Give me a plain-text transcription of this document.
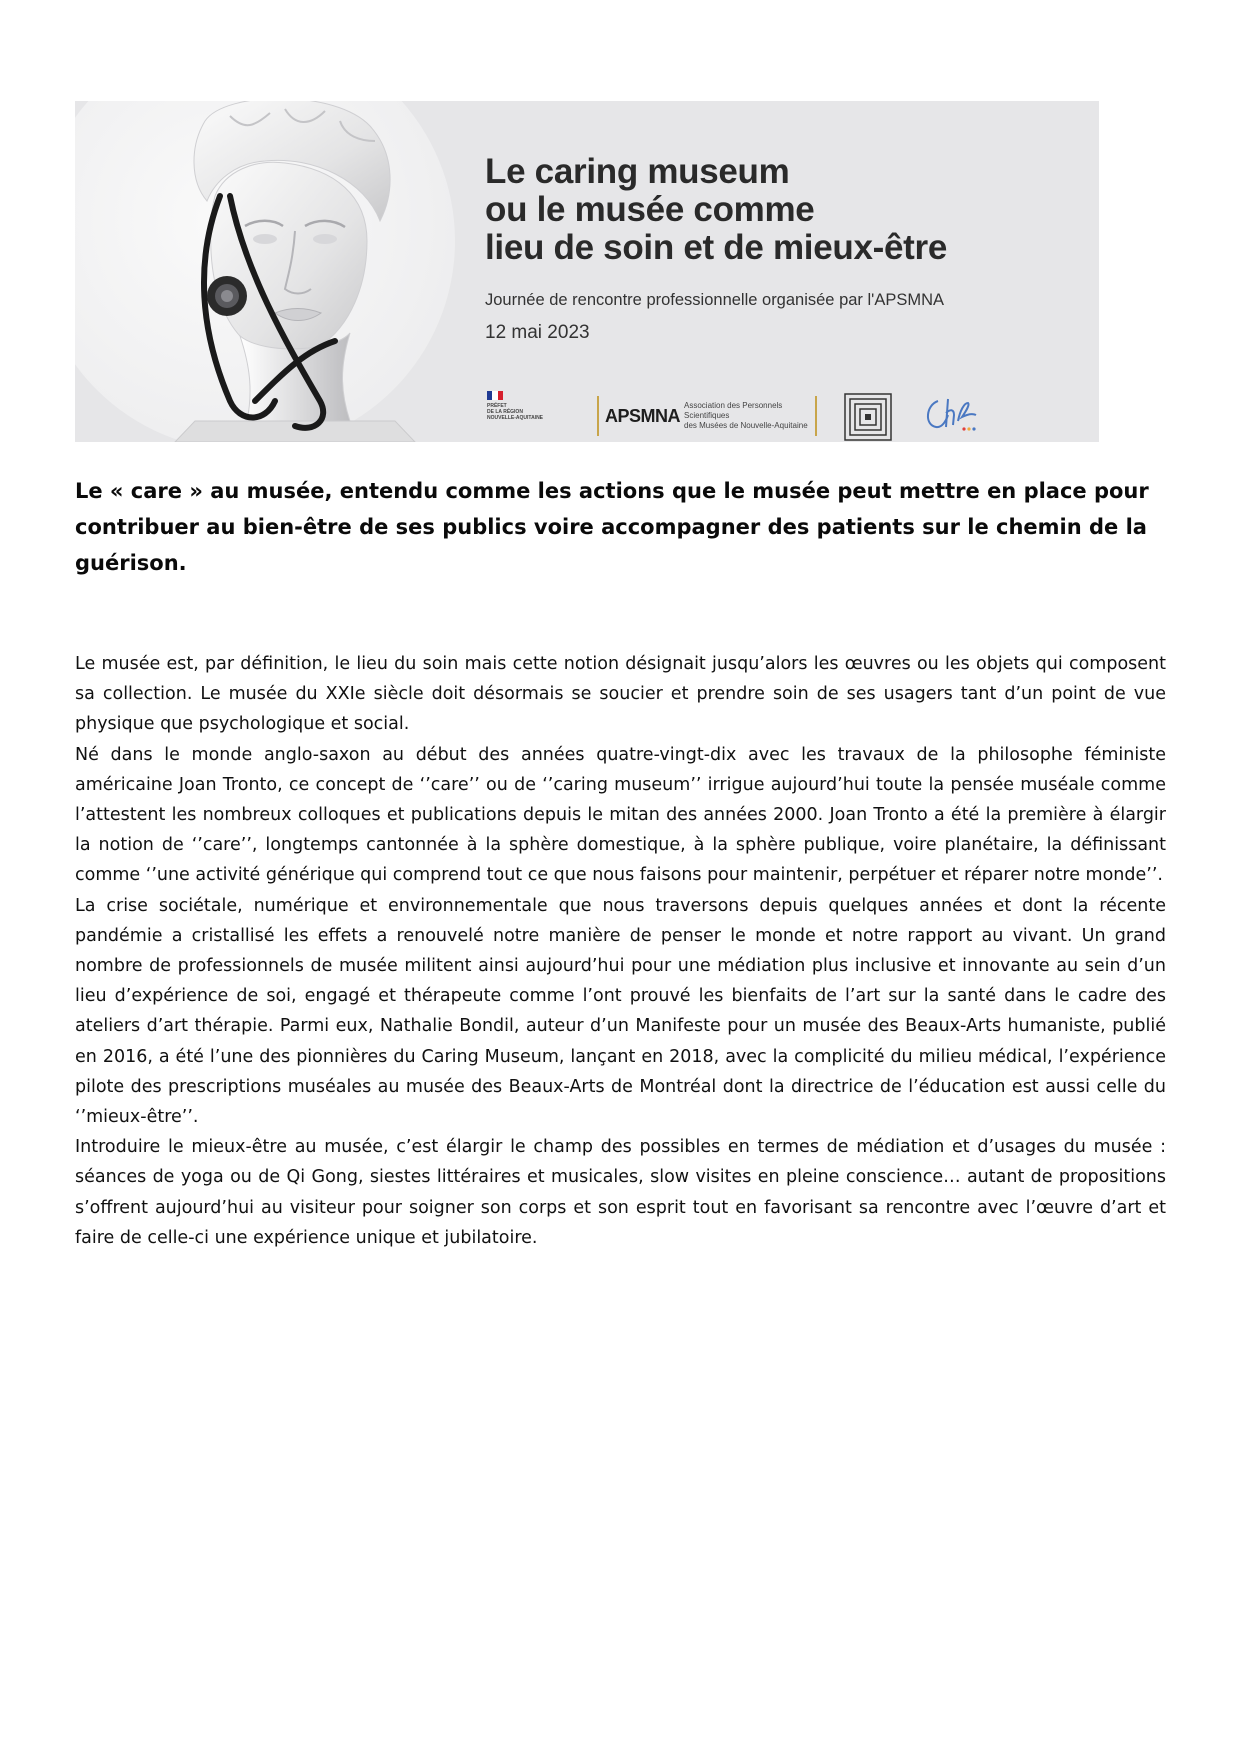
Le caring museum
ou le musée comme
lieu de soin et de mieux-être
Journée de rencontre professionnelle organisée par l'APSMNA
12 mai 2023
PRÉFET
DE LA RÉGION
NOUVELLE-AQUITAINE	APSMNA Association des Personnels Scientifiques
des Musées de Nouvelle-Aquitaine

Le « care » au musée, entendu comme les actions que le musée peut mettre en place pour contribuer au bien-être de ses publics voire accompagner des patients sur le chemin de la guérison.

Le musée est, par définition, le lieu du soin mais cette notion désignait jusqu’alors les œuvres ou les objets qui composent sa collection. Le musée du XXIe siècle doit désormais se soucier et prendre soin de ses usagers tant d’un point de vue physique que psychologique et social.

Né dans le monde anglo-saxon au début des années quatre-vingt-dix avec les travaux de la philosophe féministe américaine Joan Tronto, ce concept de ‘’care’’ ou de ‘’caring museum’’ irrigue aujourd’hui toute la pensée muséale comme l’attestent les nombreux colloques et publications depuis le mitan des années 2000. Joan Tronto a été la première à élargir la notion de ‘’care’’, longtemps cantonnée à la sphère domestique, à la sphère publique, voire planétaire, la définissant comme ‘’une activité générique qui comprend tout ce que nous faisons pour maintenir, perpétuer et réparer notre monde’’.

La crise sociétale, numérique et environnementale que nous traversons depuis quelques années et dont la récente pandémie a cristallisé les effets a renouvelé notre manière de penser le monde et notre rapport au vivant. Un grand nombre de professionnels de musée militent ainsi aujourd’hui pour une médiation plus inclusive et innovante au sein d’un lieu d’expérience de soi, engagé et thérapeute comme l’ont prouvé les bienfaits de l’art sur la santé dans le cadre des ateliers d’art thérapie. Parmi eux, Nathalie Bondil, auteur d’un Manifeste pour un musée des Beaux-Arts humaniste, publié en 2016, a été l’une des pionnières du Caring Museum, lançant en 2018, avec la complicité du milieu médical, l’expérience pilote des prescriptions muséales au musée des Beaux-Arts de Montréal dont la directrice de l’éducation est aussi celle du ‘’mieux-être’’.

Introduire le mieux-être au musée, c’est élargir le champ des possibles en termes de médiation et d’usages du musée : séances de yoga ou de Qi Gong, siestes littéraires et musicales, slow visites en pleine conscience… autant de propositions s’offrent aujourd’hui au visiteur pour soigner son corps et son esprit tout en favorisant sa rencontre avec l’œuvre d’art et faire de celle-ci une expérience unique et jubilatoire.
